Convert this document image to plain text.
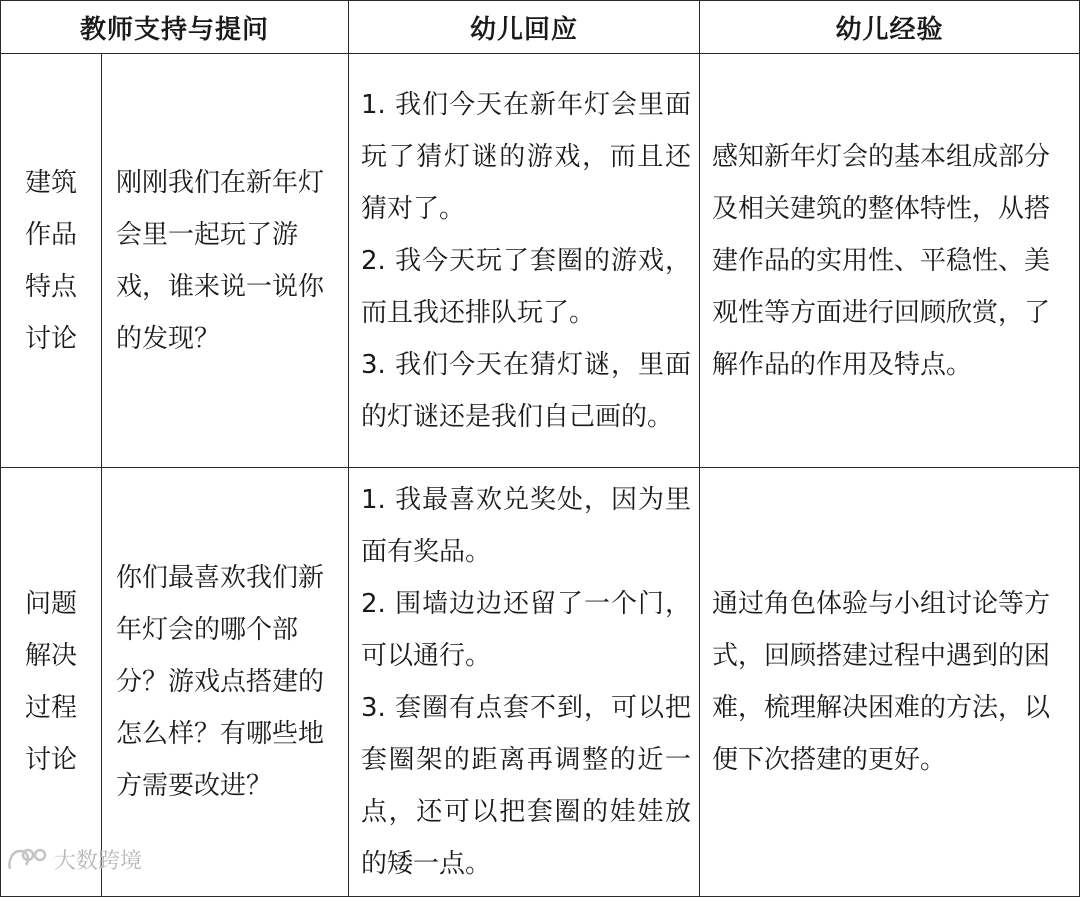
教师支持与提问		幼儿回应	幼儿经验

建筑
作品
特点
讨论	刚刚我们在新年灯会里一起玩了游戏，谁来说一说你的发现？	1. 我们今天在新年灯会里面玩了猜灯谜的游戏，而且还猜对了。
2. 我今天玩了套圈的游戏，而且我还排队玩了。
3. 我们今天在猜灯谜，里面的灯谜还是我们自己画的。	感知新年灯会的基本组成部分及相关建筑的整体特性，从搭建作品的实用性、平稳性、美观性等方面进行回顾欣赏，了解作品的作用及特点。

问题
解决
过程
讨论	你们最喜欢我们新年灯会的哪个部分？游戏点搭建的怎么样？有哪些地方需要改进？	1. 我最喜欢兑奖处，因为里面有奖品。
2. 围墙边边还留了一个门，可以通行。
3. 套圈有点套不到，可以把套圈架的距离再调整的近一点，还可以把套圈的娃娃放的矮一点。	通过角色体验与小组讨论等方式，回顾搭建过程中遇到的困难，梳理解决困难的方法，以便下次搭建的更好。
大数跨境
